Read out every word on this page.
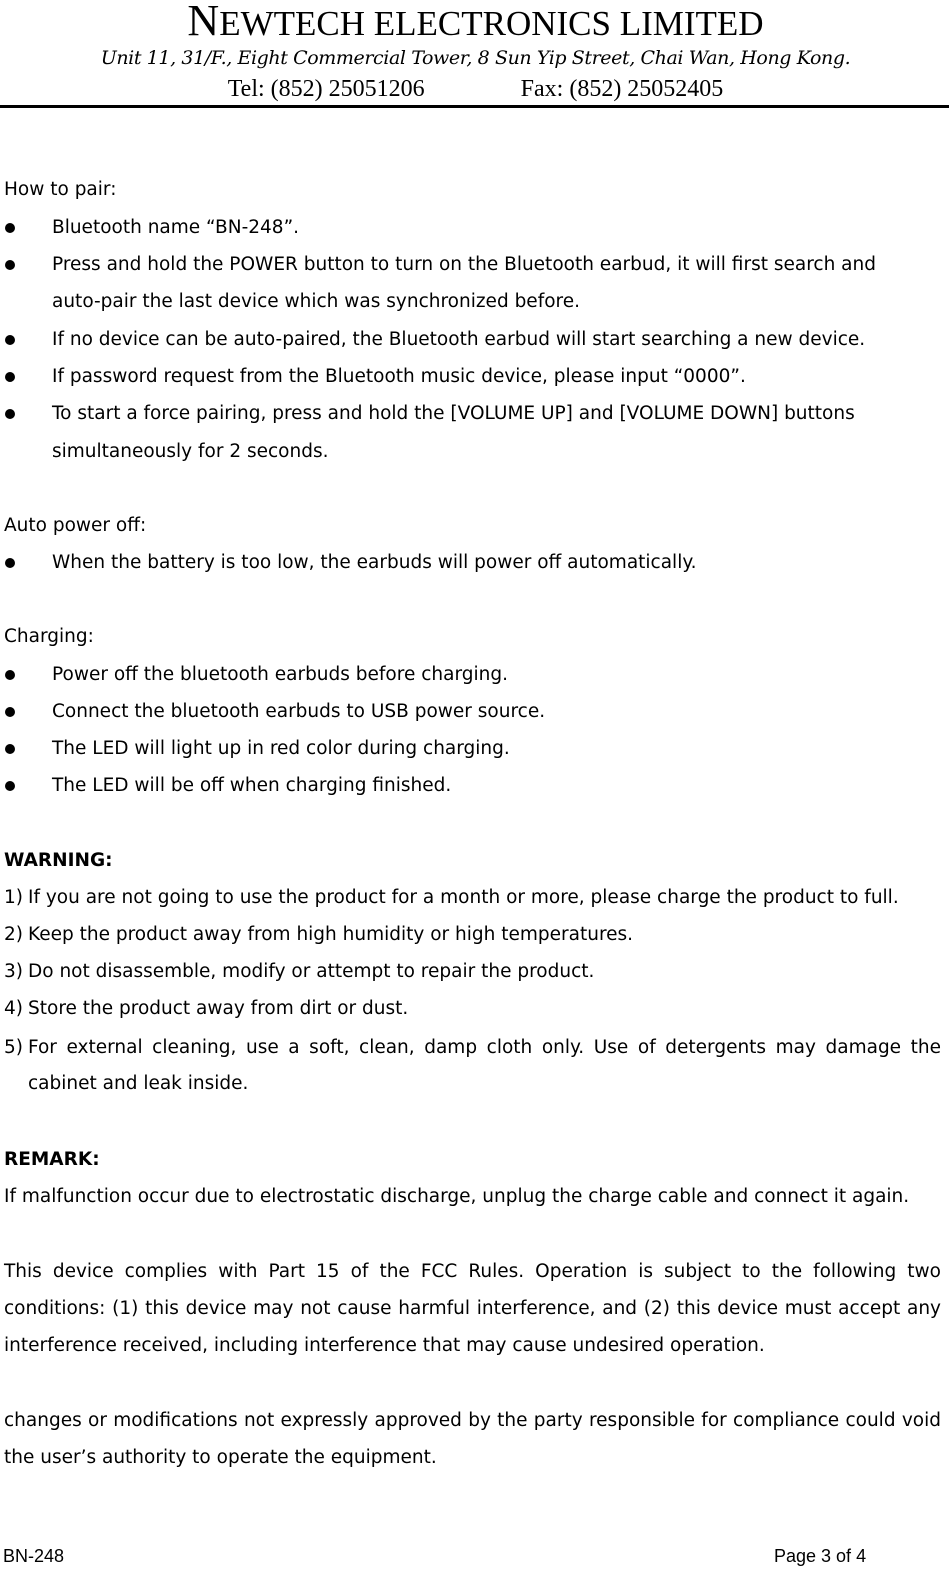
NEWTECH ELECTRONICS LIMITED
Unit 11, 31/F., Eight Commercial Tower, 8 Sun Yip Street, Chai Wan, Hong Kong.
Tel: (852) 25051206	Fax: (852) 25052405
How to pair:
Bluetooth name “BN-248”.
Press and hold the POWER button to turn on the Bluetooth earbud, it will first search and
auto-pair the last device which was synchronized before.
If no device can be auto-paired, the Bluetooth earbud will start searching a new device.
If password request from the Bluetooth music device, please input “0000”.
To start a force pairing, press and hold the [VOLUME UP] and [VOLUME DOWN] buttons
simultaneously for 2 seconds.
Auto power off:
When the battery is too low, the earbuds will power off automatically.
Charging:
Power off the bluetooth earbuds before charging.
Connect the bluetooth earbuds to USB power source.
The LED will light up in red color during charging.
The LED will be off when charging finished.
WARNING:
1) If you are not going to use the product for a month or more, please charge the product to full.
2) Keep the product away from high humidity or high temperatures.
3) Do not disassemble, modify or attempt to repair the product.
4) Store the product away from dirt or dust.
5) For external cleaning, use a soft, clean, damp cloth only. Use of detergents may damage the
cabinet and leak inside.
REMARK:
If malfunction occur due to electrostatic discharge, unplug the charge cable and connect it again.
This device complies with Part 15 of the FCC Rules. Operation is subject to the following two
conditions: (1) this device may not cause harmful interference, and (2) this device must accept any
interference received, including interference that may cause undesired operation.
changes or modifications not expressly approved by the party responsible for compliance could void
the user’s authority to operate the equipment.
BN-248	Page 3 of 4
